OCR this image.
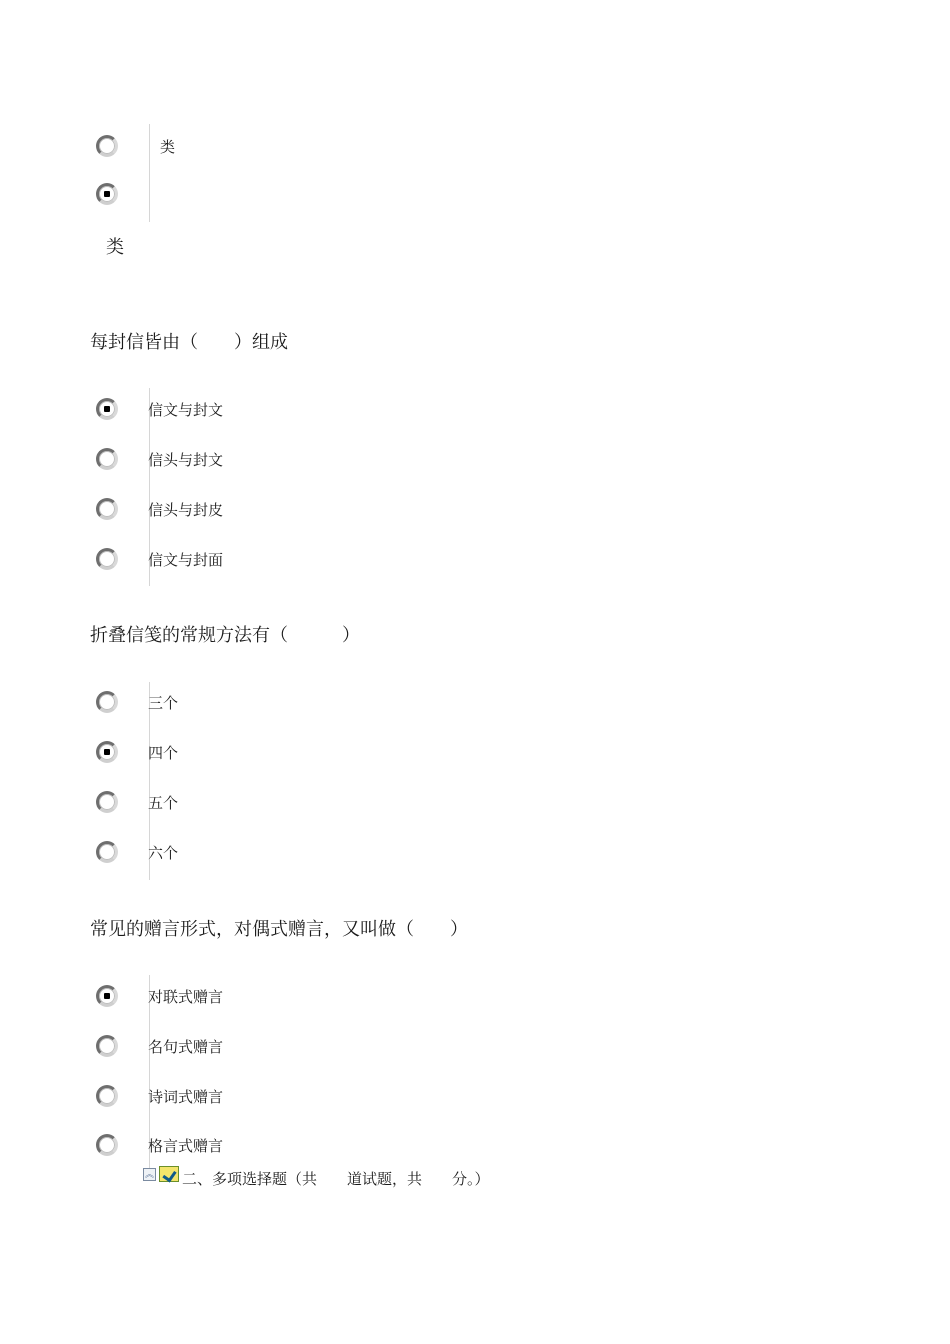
类
类
每封信皆由（　　）组成
信文与封文
信头与封文
信头与封皮
信文与封面
折叠信笺的常规方法有（　　　）
三个
四个
五个
六个
常见的赠言形式，对偶式赠言，又叫做（　　）
对联式赠言
名句式赠言
诗词式赠言
格言式赠言
︽ 二、多项选择题（共　　道试题，共　　分。）
